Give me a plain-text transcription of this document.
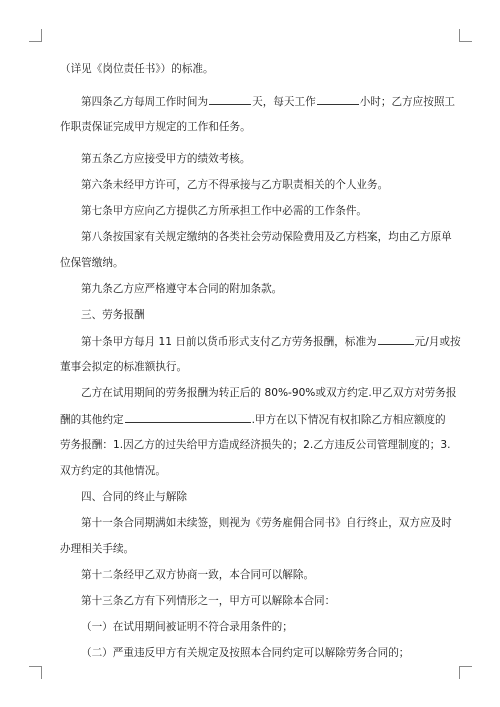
（详见《岗位责任书》）的标准。
第四条乙方每周工作时间为	天，每天工作	小时；乙方应按照工
作职责保证完成甲方规定的工作和任务。
第五条乙方应接受甲方的绩效考核。
第六条未经甲方许可，乙方不得承接与乙方职责相关的个人业务。
第七条甲方应向乙方提供乙方所承担工作中必需的工作条件。
第八条按国家有关规定缴纳的各类社会劳动保险费用及乙方档案，均由乙方原单
位保管缴纳。
第九条乙方应严格遵守本合同的附加条款。
三、劳务报酬
第十条甲方每月 11 日前以货币形式支付乙方劳务报酬，标准为	元/月或按
董事会拟定的标准额执行。
乙方在试用期间的劳务报酬为转正后的 80%-90%或双方约定.甲乙双方对劳务报
酬的其他约定	.甲方在以下情况有权扣除乙方相应额度的
劳务报酬：1.因乙方的过失给甲方造成经济损失的；2.乙方违反公司管理制度的；3.
双方约定的其他情况。
四、合同的终止与解除
第十一条合同期满如未续签，则视为《劳务雇佣合同书》自行终止，双方应及时
办理相关手续。
第十二条经甲乙双方协商一致，本合同可以解除。
第十三条乙方有下列情形之一，甲方可以解除本合同：
（一）在试用期间被证明不符合录用条件的；
（二）严重违反甲方有关规定及按照本合同约定可以解除劳务合同的；
